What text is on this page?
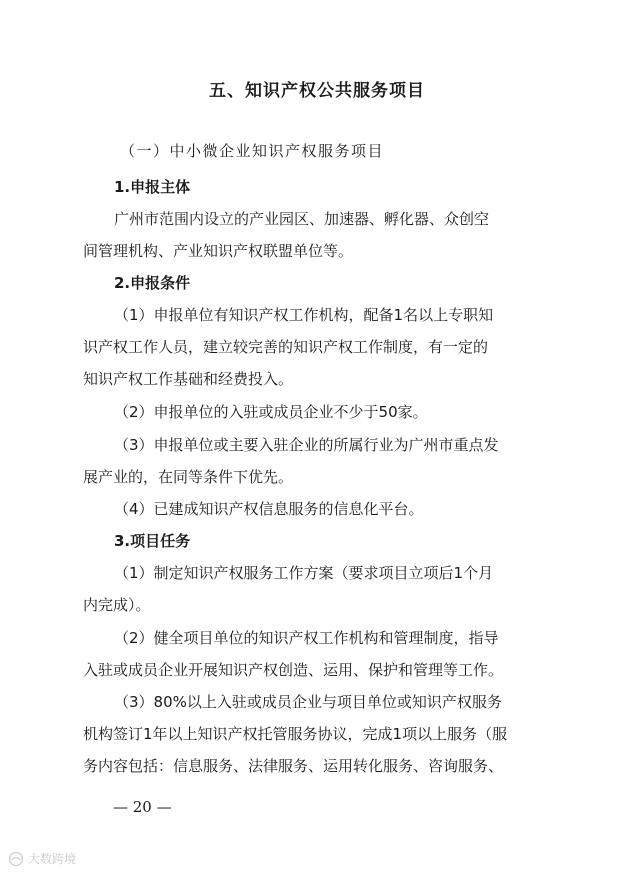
五、知识产权公共服务项目
（一）中小微企业知识产权服务项目
1.申报主体
广州市范围内设立的产业园区、加速器、孵化器、众创空
间管理机构、产业知识产权联盟单位等。
2.申报条件
（1）申报单位有知识产权工作机构，配备1名以上专职知
识产权工作人员，建立较完善的知识产权工作制度，有一定的
知识产权工作基础和经费投入。
（2）申报单位的入驻或成员企业不少于50家。
（3）申报单位或主要入驻企业的所属行业为广州市重点发
展产业的，在同等条件下优先。
（4）已建成知识产权信息服务的信息化平台。
3.项目任务
（1）制定知识产权服务工作方案（要求项目立项后1个月
内完成）。
（2）健全项目单位的知识产权工作机构和管理制度，指导
入驻或成员企业开展知识产权创造、运用、保护和管理等工作。
（3）80%以上入驻或成员企业与项目单位或知识产权服务
机构签订1年以上知识产权托管服务协议，完成1项以上服务（服
务内容包括：信息服务、法律服务、运用转化服务、咨询服务、
— 20 —
大数跨境
